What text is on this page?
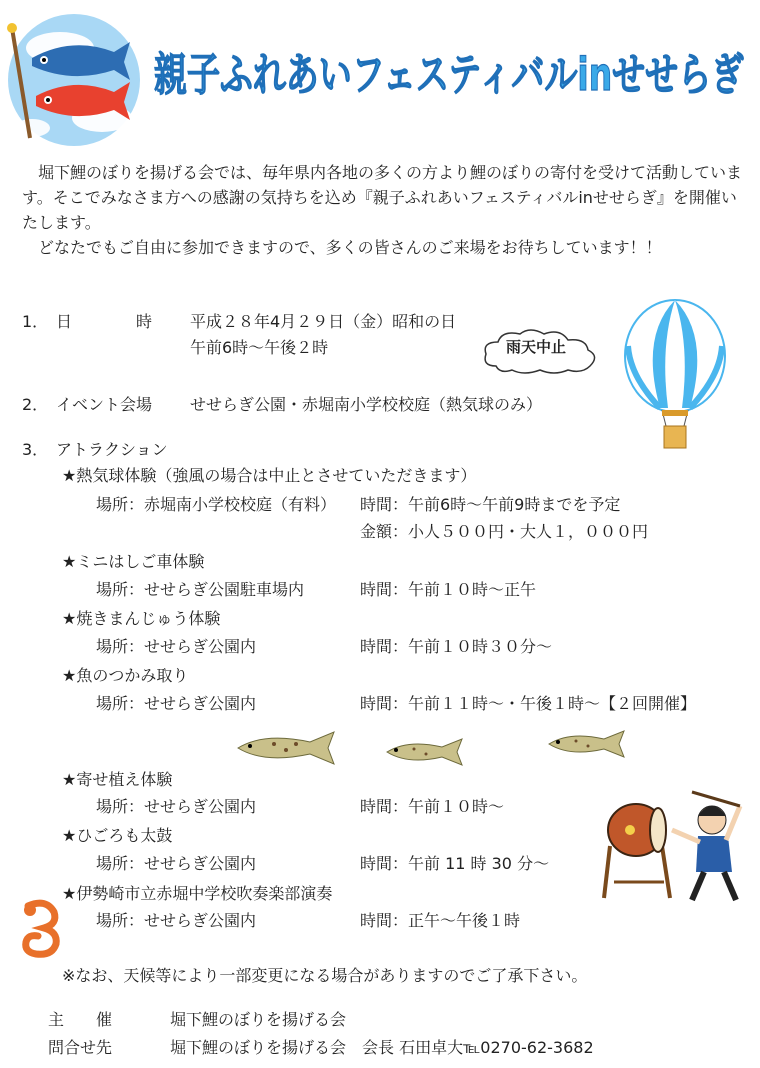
親子ふれあいフェスティバルinせせらぎ

堀下鯉のぼりを揚げる会では、毎年県内各地の多くの方より鯉のぼりの寄付を受けて活動しています。そこでみなさま方への感謝の気持ちを込め『親子ふれあいフェスティバルinせせらぎ』を開催いたします。

どなたでもご自由に参加できますので、多くの皆さんのご来場をお待ちしています！！

1． 日　　　　時 平成２８年4月２９日（金）昭和の日
午前6時～午後２時	雨天中止
2． イベント会場 せせらぎ公園・赤堀南小学校校庭（熱気球のみ）
3． アトラクション
★熱気球体験（強風の場合は中止とさせていただきます）
場所：赤堀南小学校校庭（有料） 時間：午前6時～午前9時までを予定
金額：小人５００円・大人１，０００円
★ミニはしご車体験
場所：せせらぎ公園駐車場内	時間：午前１０時～正午
★焼きまんじゅう体験
場所：せせらぎ公園内	時間：午前１０時３０分～
★魚のつかみ取り
場所：せせらぎ公園内	時間：午前１１時～・午後１時～【２回開催】
★寄せ植え体験
場所：せせらぎ公園内	時間：午前１０時～
★ひごろも太鼓
場所：せせらぎ公園内	時間：午前 11 時 30 分～
★伊勢崎市立赤堀中学校吹奏楽部演奏
場所：せせらぎ公園内	時間：正午～午後１時
※なお、天候等により一部変更になる場合がありますのでご了承下さい。
主　　催	堀下鯉のぼりを揚げる会
問合せ先	堀下鯉のぼりを揚げる会　会長 石田卓大℡0270-62-3682
